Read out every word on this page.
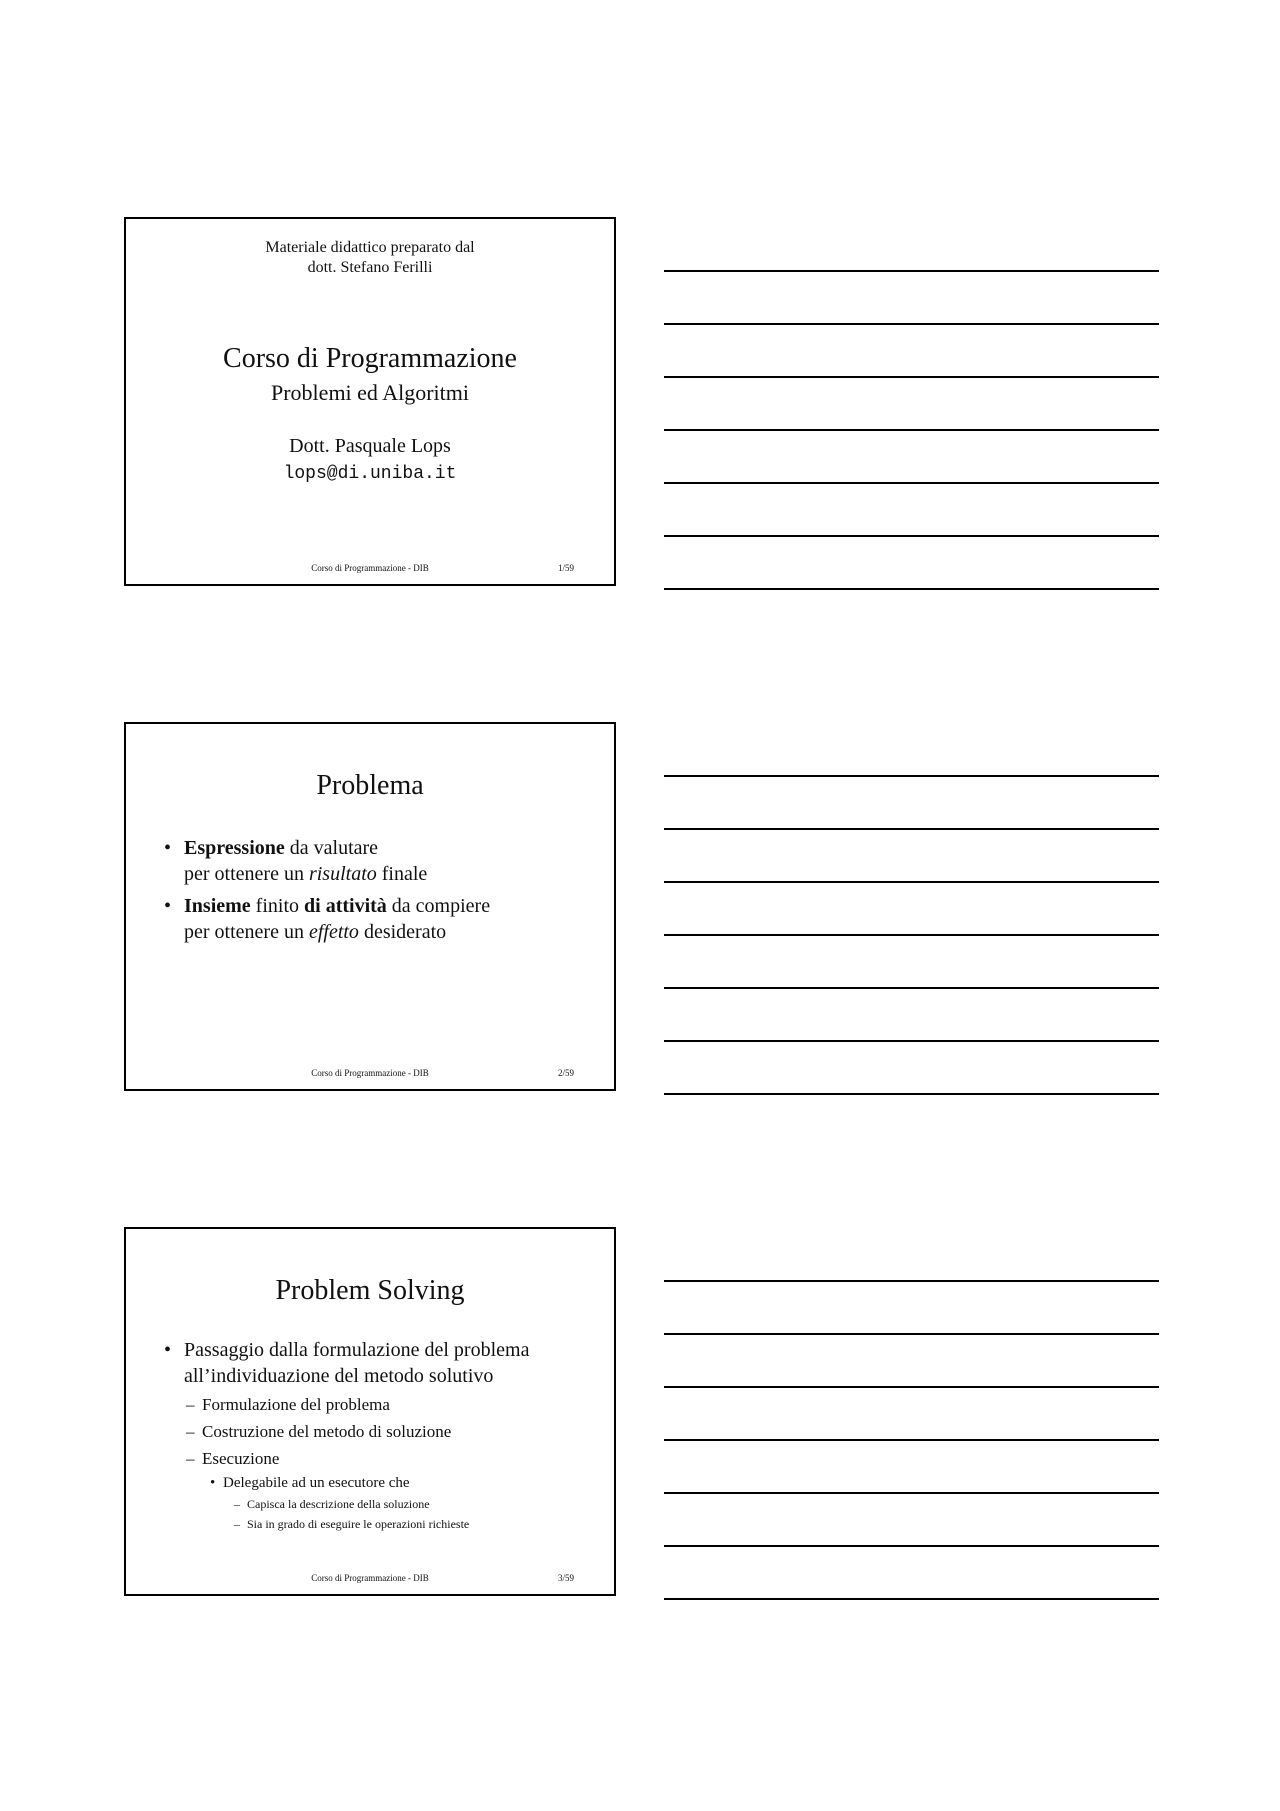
Materiale didattico preparato dal
dott. Stefano Ferilli
Corso di Programmazione
Problemi ed Algoritmi
Dott. Pasquale Lops
lops@di.uniba.it
Corso di Programmazione - DIB	1/59
Problema
• Espressione da valutare
per ottenere un risultato finale
• Insieme finito di attività da compiere
per ottenere un effetto desiderato
Corso di Programmazione - DIB	2/59
Problem Solving
• Passaggio dalla formulazione del problema
all’individuazione del metodo solutivo
– Formulazione del problema
– Costruzione del metodo di soluzione
– Esecuzione
• Delegabile ad un esecutore che
– Capisca la descrizione della soluzione
– Sia in grado di eseguire le operazioni richieste
Corso di Programmazione - DIB	3/59
